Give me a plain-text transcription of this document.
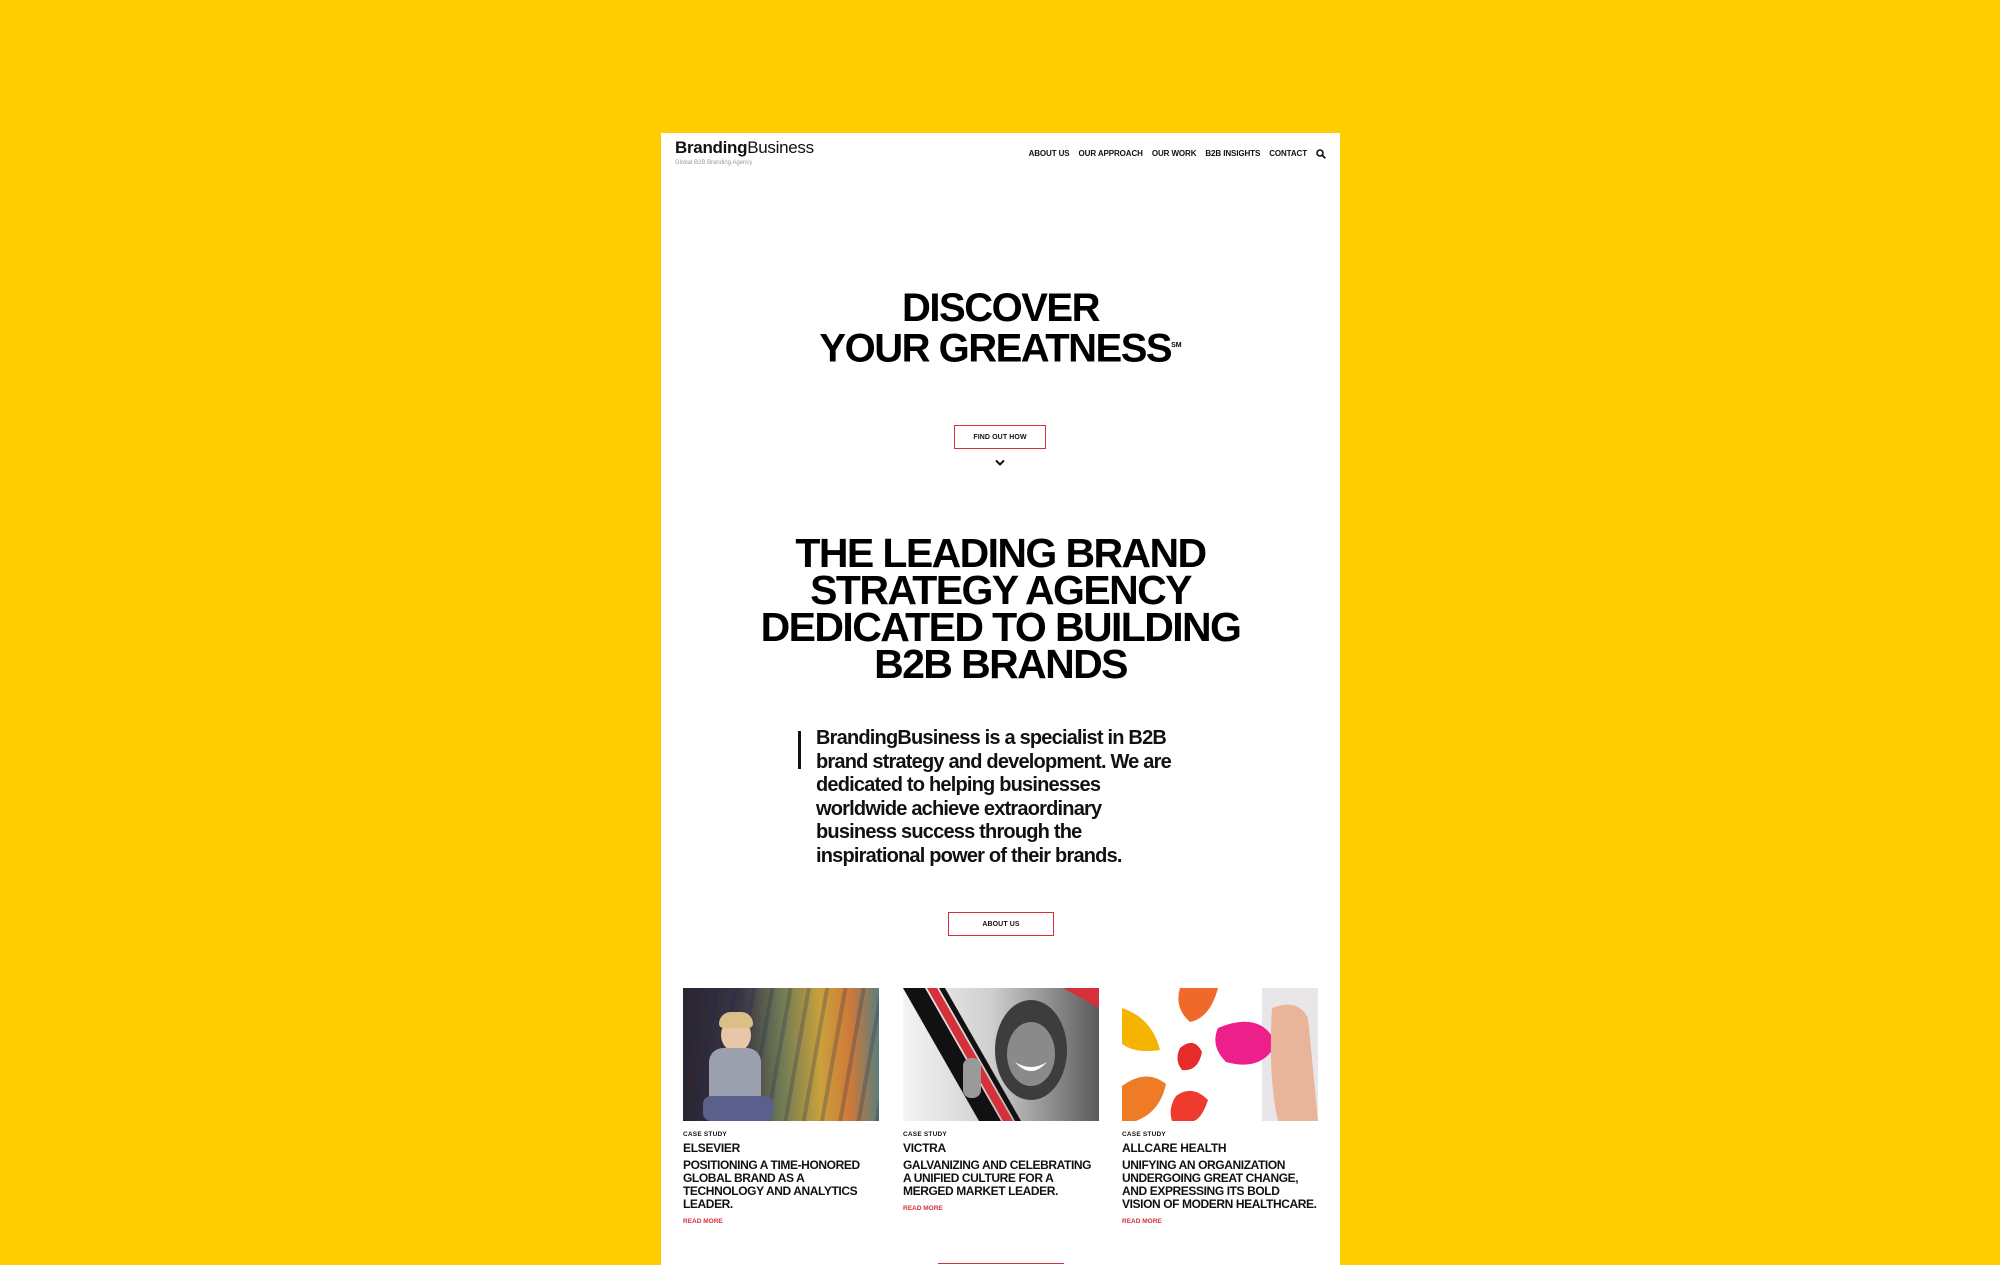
BrandingBusiness
Global B2B Branding Agency
ABOUT US OUR APPROACH OUR WORK B2B INSIGHTS CONTACT
DISCOVER
YOUR GREATNESS℠
FIND OUT HOW
THE LEADING BRAND STRATEGY AGENCY DEDICATED TO BUILDING B2B BRANDS
BrandingBusiness is a specialist in B2B brand strategy and development. We are dedicated to helping businesses worldwide achieve extraordinary business success through the inspirational power of their brands.
ABOUT US
CASE STUDY
ELSEVIER
POSITIONING A TIME-HONORED GLOBAL BRAND AS A TECHNOLOGY AND ANALYTICS LEADER.
READ MORE
CASE STUDY
VICTRA
GALVANIZING AND CELEBRATING A UNIFIED CULTURE FOR A MERGED MARKET LEADER.
READ MORE
CASE STUDY
ALLCARE HEALTH
UNIFYING AN ORGANIZATION UNDERGOING GREAT CHANGE, AND EXPRESSING ITS BOLD VISION OF MODERN HEALTHCARE.
READ MORE
